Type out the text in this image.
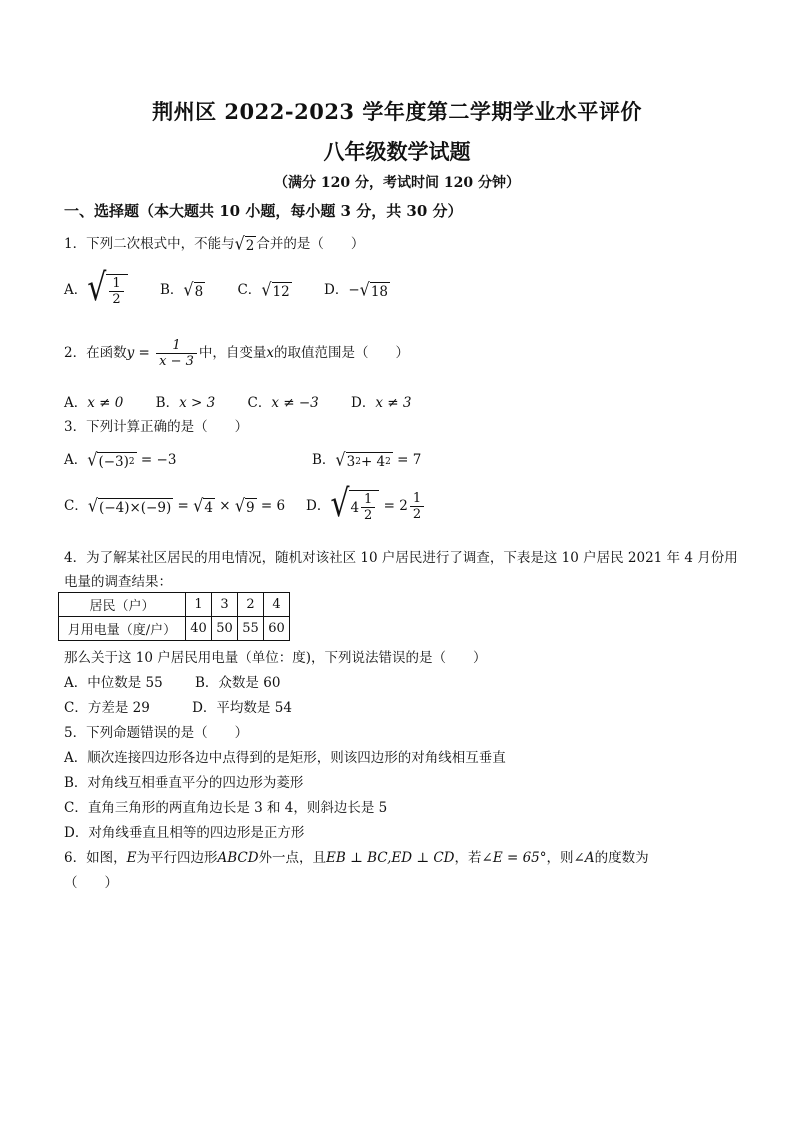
荆州区 2022-2023 学年度第二学期学业水平评价
八年级数学试题
（满分 120 分，考试时间 120 分钟）
一、选择题（本大题共 10 小题，每小题 3 分，共 30 分）
1．下列二次根式中，不能与 √ 2 合并的是（　　）
A． √ $\frac{1}{2}$	B． √ 8	C． √ 12	D．− √ 18
2．在函数$y = \frac{1}{x - 3}$ 中，自变量x的取值范围是（　　）
A．x ≠ 0 B．x > 3 C．x ≠ −3 D．x ≠ 3
3．下列计算正确的是（　　）
A． √ (−3) 2 = −3	B． √ 3 2 + 4 2 = 7
C． √ (−4)×(−9) = √ 4 × √ 9 = 6 D． √ $4 \frac{1}{2} = 2 \frac{1}{2}$
4．为了解某社区居民的用电情况，随机对该社区 10 户居民进行了调查，下表是这 10 户居民 2021 年 4 月份用
电量的调查结果：
居民（户）	1	3	2	4
月用电量（度/户）	40	50	55	60
那么关于这 10 户居民用电量（单位：度)，下列说法错误的是（　　）
A．中位数是 55 B．众数是 60
C．方差是 29	D．平均数是 54
5．下列命题错误的是（　　）
A．顺次连接四边形各边中点得到的是矩形，则该四边形的对角线相互垂直
B．对角线互相垂直平分的四边形为菱形
C．直角三角形的两直角边长是 3 和 4，则斜边长是 5
D．对角线垂直且相等的四边形是正方形
6．如图，E为平行四边形ABCD外一点，且EB ⊥ BC,ED ⊥ CD，若∠E = 65°，则∠A的度数为
（　　）
